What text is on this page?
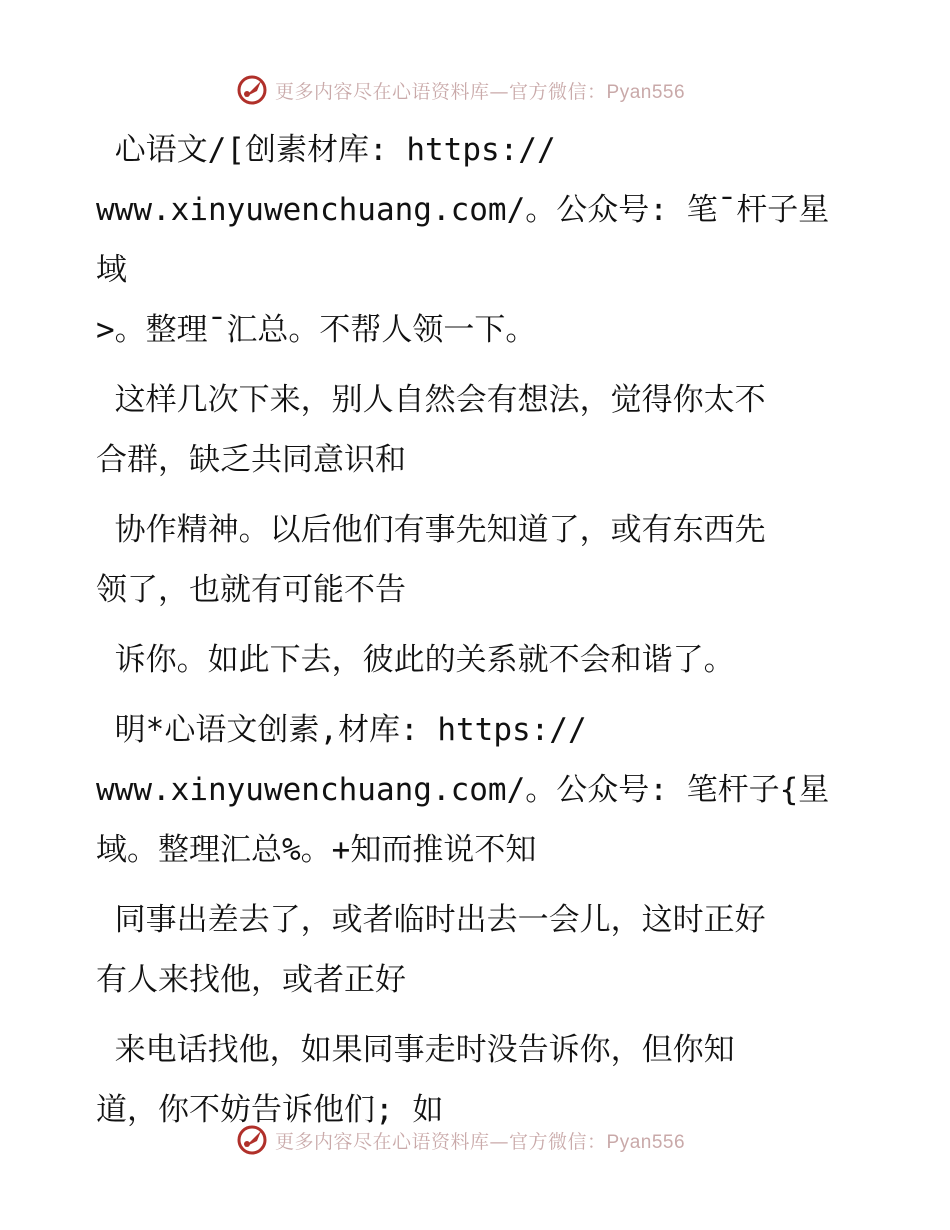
更多内容尽在心语资料库—官方微信：Pyan556

心语文/[创素材库: https://
www.xinyuwenchuang.com/。公众号: 笔¯杆子星域
>。整理¯汇总。不帮人领一下。

这样几次下来，别人自然会有想法，觉得你太不
合群，缺乏共同意识和

协作精神。以后他们有事先知道了，或有东西先
领了，也就有可能不告

诉你。如此下去，彼此的关系就不会和谐了。

明*心语文创素,材库: https://
www.xinyuwenchuang.com/。公众号: 笔杆子{星
域。整理汇总%。+知而推说不知

同事出差去了，或者临时出去一会儿，这时正好
有人来找他，或者正好

来电话找他，如果同事走时没告诉你，但你知
道，你不妨告诉他们; 如

更多内容尽在心语资料库—官方微信：Pyan556
